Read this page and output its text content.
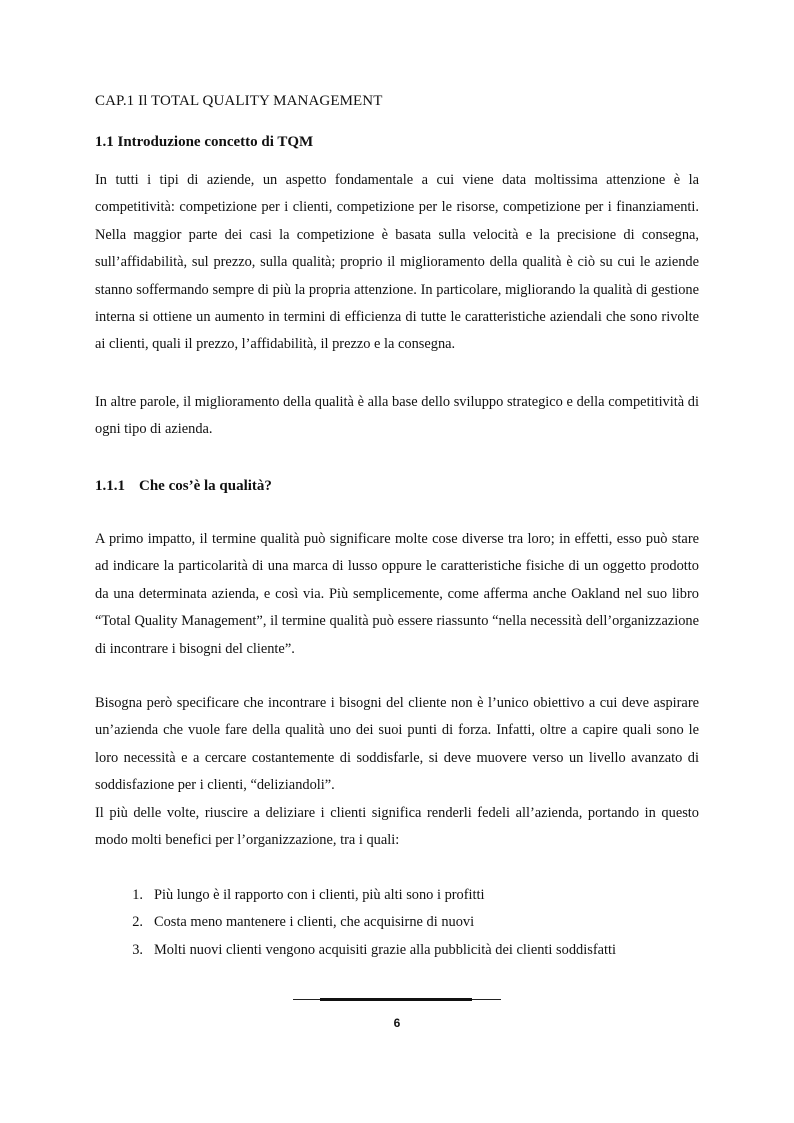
CAP.1 Il TOTAL QUALITY MANAGEMENT
1.1 Introduzione concetto di TQM

In tutti i tipi di aziende, un aspetto fondamentale a cui viene data moltissima attenzione è la competitività: competizione per i clienti, competizione per le risorse, competizione per i finanziamenti. Nella maggior parte dei casi la competizione è basata sulla velocità e la precisione di consegna, sull’affidabilità, sul prezzo, sulla qualità; proprio il miglioramento della qualità è ciò su cui le aziende stanno soffermando sempre di più la propria attenzione. In particolare, migliorando la qualità di gestione interna si ottiene un aumento in termini di efficienza di tutte le caratteristiche aziendali che sono rivolte ai clienti, quali il prezzo, l’affidabilità, il prezzo e la consegna.

In altre parole, il miglioramento della qualità è alla base dello sviluppo strategico e della competitività di ogni tipo di azienda.

1.1.1 Che cos’è la qualità?

A primo impatto, il termine qualità può significare molte cose diverse tra loro; in effetti, esso può stare ad indicare la particolarità di una marca di lusso oppure le caratteristiche fisiche di un oggetto prodotto da una determinata azienda, e così via. Più semplicemente, come afferma anche Oakland nel suo libro “Total Quality Management”, il termine qualità può essere riassunto “nella necessità dell’organizzazione di incontrare i bisogni del cliente”.

Bisogna però specificare che incontrare i bisogni del cliente non è l’unico obiettivo a cui deve aspirare un’azienda che vuole fare della qualità uno dei suoi punti di forza. Infatti, oltre a capire quali sono le loro necessità e a cercare costantemente di soddisfarle, si deve muovere verso un livello avanzato di soddisfazione per i clienti, “deliziandoli”.

Il più delle volte, riuscire a deliziare i clienti significa renderli fedeli all’azienda, portando in questo modo molti benefici per l’organizzazione, tra i quali:

1. Più lungo è il rapporto con i clienti, più alti sono i profitti
2. Costa meno mantenere i clienti, che acquisirne di nuovi
3. Molti nuovi clienti vengono acquisiti grazie alla pubblicità dei clienti soddisfatti
6
